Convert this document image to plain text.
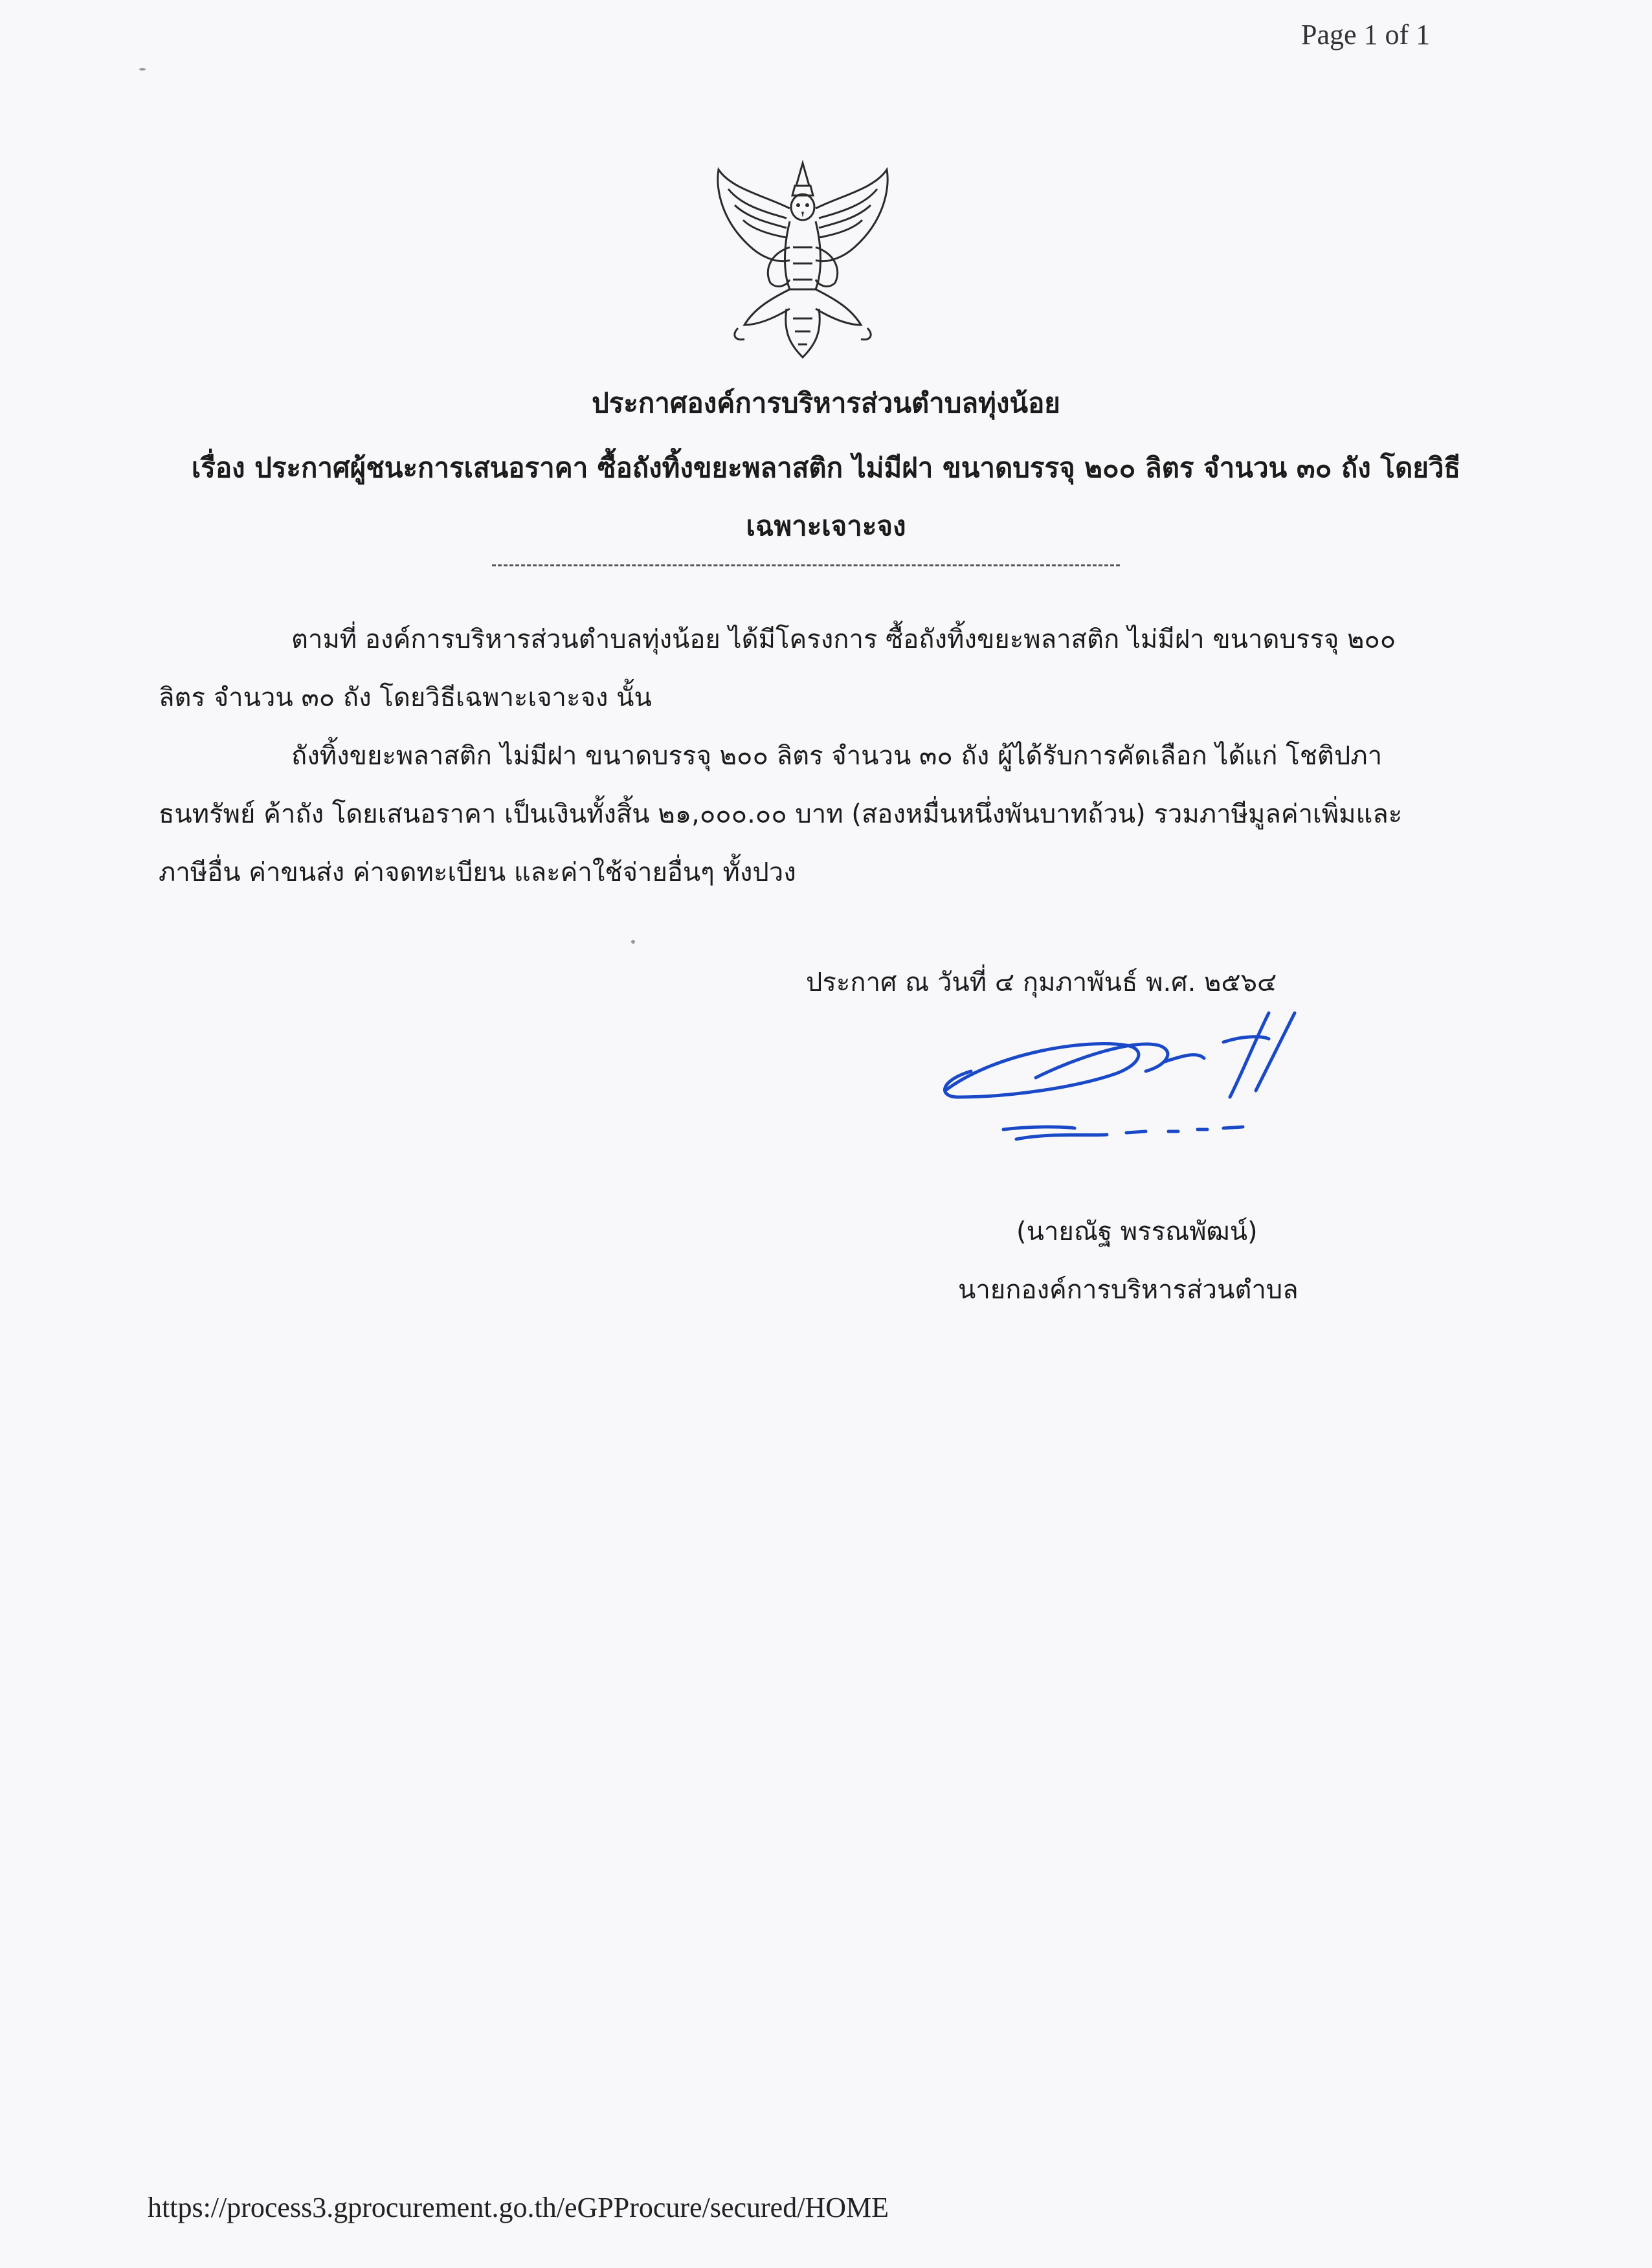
Page 1 of 1
ประกาศองค์การบริหารส่วนตำบลทุ่งน้อย
เรื่อง ประกาศผู้ชนะการเสนอราคา ซื้อถังทิ้งขยะพลาสติก ไม่มีฝา ขนาดบรรจุ ๒๐๐ ลิตร จำนวน ๓๐ ถัง โดยวิธี
เฉพาะเจาะจง
ตามที่ องค์การบริหารส่วนตำบลทุ่งน้อย ได้มีโครงการ ซื้อถังทิ้งขยะพลาสติก ไม่มีฝา ขนาดบรรจุ ๒๐๐
ลิตร จำนวน ๓๐ ถัง โดยวิธีเฉพาะเจาะจง นั้น
ถังทิ้งขยะพลาสติก ไม่มีฝา ขนาดบรรจุ ๒๐๐ ลิตร จำนวน ๓๐ ถัง ผู้ได้รับการคัดเลือก ได้แก่ โชติปภา
ธนทรัพย์ ค้าถัง โดยเสนอราคา เป็นเงินทั้งสิ้น ๒๑,๐๐๐.๐๐ บาท (สองหมื่นหนึ่งพันบาทถ้วน) รวมภาษีมูลค่าเพิ่มและ
ภาษีอื่น ค่าขนส่ง ค่าจดทะเบียน และค่าใช้จ่ายอื่นๆ ทั้งปวง
ประกาศ ณ วันที่ ๔ กุมภาพันธ์ พ.ศ. ๒๕๖๔
(นายณัฐ พรรณพัฒน์)
นายกองค์การบริหารส่วนตำบล
https://process3.gprocurement.go.th/eGPProcure/secured/HOME
